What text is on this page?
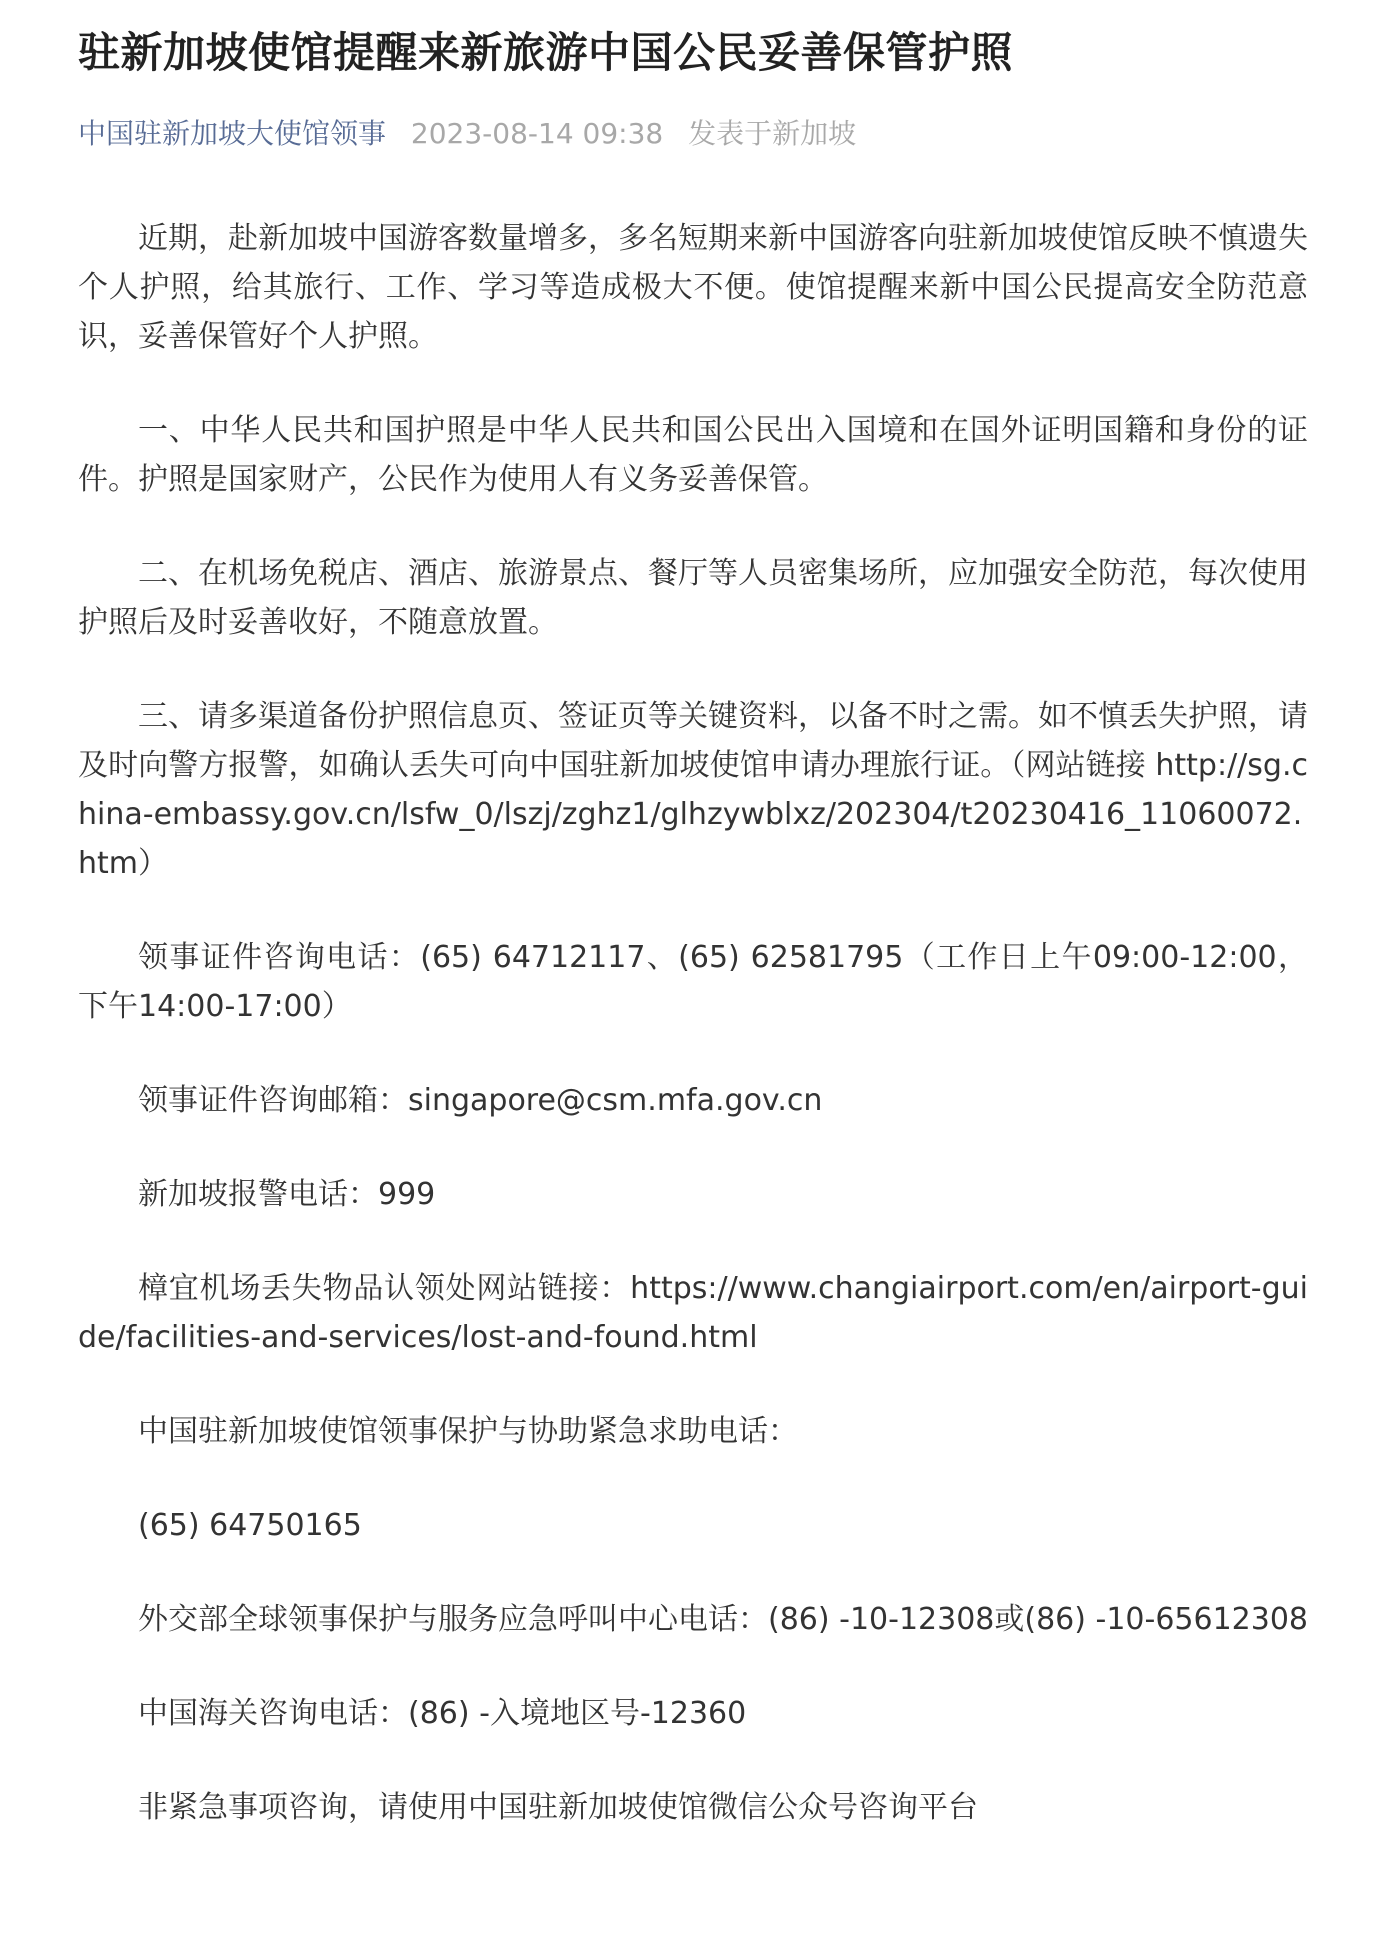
驻新加坡使馆提醒来新旅游中国公民妥善保管护照
中国驻新加坡大使馆领事 2023-08-14 09:38 发表于新加坡

近期，赴新加坡中国游客数量增多，多名短期来新中国游客向驻新加坡使馆反映不慎遗失个人护照，给其旅行、工作、学习等造成极大不便。使馆提醒来新中国公民提高安全防范意识，妥善保管好个人护照。

一、中华人民共和国护照是中华人民共和国公民出入国境和在国外证明国籍和身份的证件。护照是国家财产，公民作为使用人有义务妥善保管。

二、在机场免税店、酒店、旅游景点、餐厅等人员密集场所，应加强安全防范，每次使用护照后及时妥善收好，不随意放置。

三、请多渠道备份护照信息页、签证页等关键资料，以备不时之需。如不慎丢失护照，请及时向警方报警，如确认丢失可向中国驻新加坡使馆申请办理旅行证。（网站链接 http://sg.china-embassy.gov.cn/lsfw_0/lszj/zghz1/glhzywblxz/202304/t20230416_11060072.htm）

领事证件咨询电话：(65) 64712117、(65) 62581795（工作日上午09:00-12:00，下午14:00-17:00）

领事证件咨询邮箱：singapore@csm.mfa.gov.cn

新加坡报警电话：999

樟宜机场丢失物品认领处网站链接：https://www.changiairport.com/en/airport-guide/facilities-and-services/lost-and-found.html

中国驻新加坡使馆领事保护与协助紧急求助电话：

(65) 64750165

外交部全球领事保护与服务应急呼叫中心电话：(86) -10-12308或(86) -10-65612308

中国海关咨询电话：(86) -入境地区号-12360

非紧急事项咨询，请使用中国驻新加坡使馆微信公众号咨询平台
